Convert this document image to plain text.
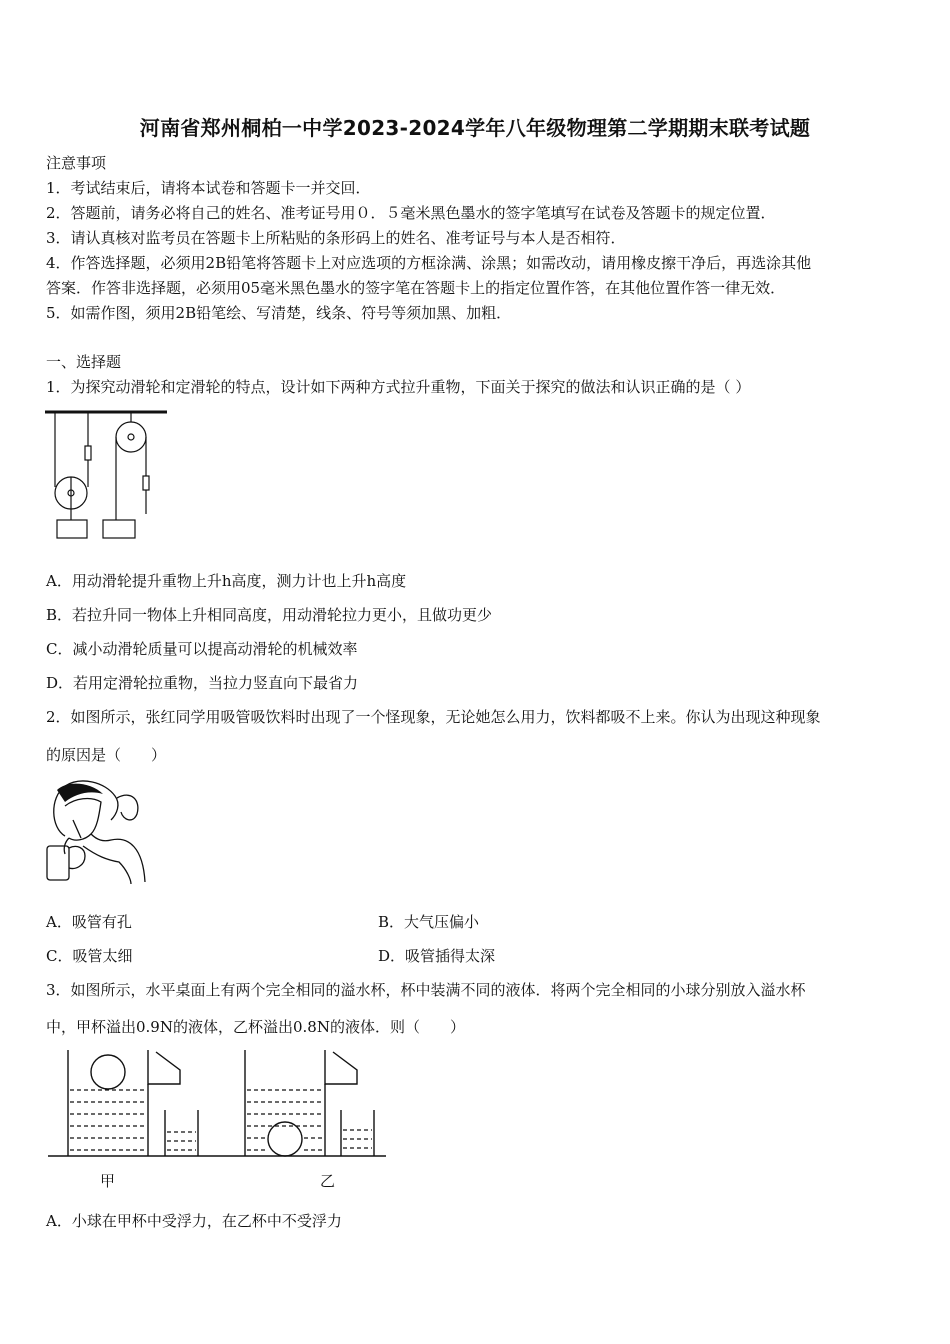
河南省郑州桐柏一中学2023-2024学年八年级物理第二学期期末联考试题
注意事项
1．考试结束后，请将本试卷和答题卡一并交回．
2．答题前，请务必将自己的姓名、准考证号用０．５毫米黑色墨水的签字笔填写在试卷及答题卡的规定位置．
3．请认真核对监考员在答题卡上所粘贴的条形码上的姓名、准考证号与本人是否相符．
4．作答选择题，必须用2B铅笔将答题卡上对应选项的方框涂满、涂黑；如需改动，请用橡皮擦干净后，再选涂其他
答案．作答非选择题，必须用05毫米黑色墨水的签字笔在答题卡上的指定位置作答，在其他位置作答一律无效．
5．如需作图，须用2B铅笔绘、写清楚，线条、符号等须加黑、加粗．
一、选择题
1．为探究动滑轮和定滑轮的特点，设计如下两种方式拉升重物，下面关于探究的做法和认识正确的是（ ）
A．用动滑轮提升重物上升h高度，测力计也上升h高度
B．若拉升同一物体上升相同高度，用动滑轮拉力更小，且做功更少
C．减小动滑轮质量可以提高动滑轮的机械效率
D．若用定滑轮拉重物，当拉力竖直向下最省力
2．如图所示，张红同学用吸管吸饮料时出现了一个怪现象，无论她怎么用力，饮料都吸不上来。你认为出现这种现象
的原因是（　　）
A．吸管有孔	B．大气压偏小
C．吸管太细	D．吸管插得太深
3．如图所示，水平桌面上有两个完全相同的溢水杯，杯中装满不同的液体．将两个完全相同的小球分别放入溢水杯
中，甲杯溢出0.9N的液体，乙杯溢出0.8N的液体．则（　　）
甲	乙
A．小球在甲杯中受浮力，在乙杯中不受浮力
